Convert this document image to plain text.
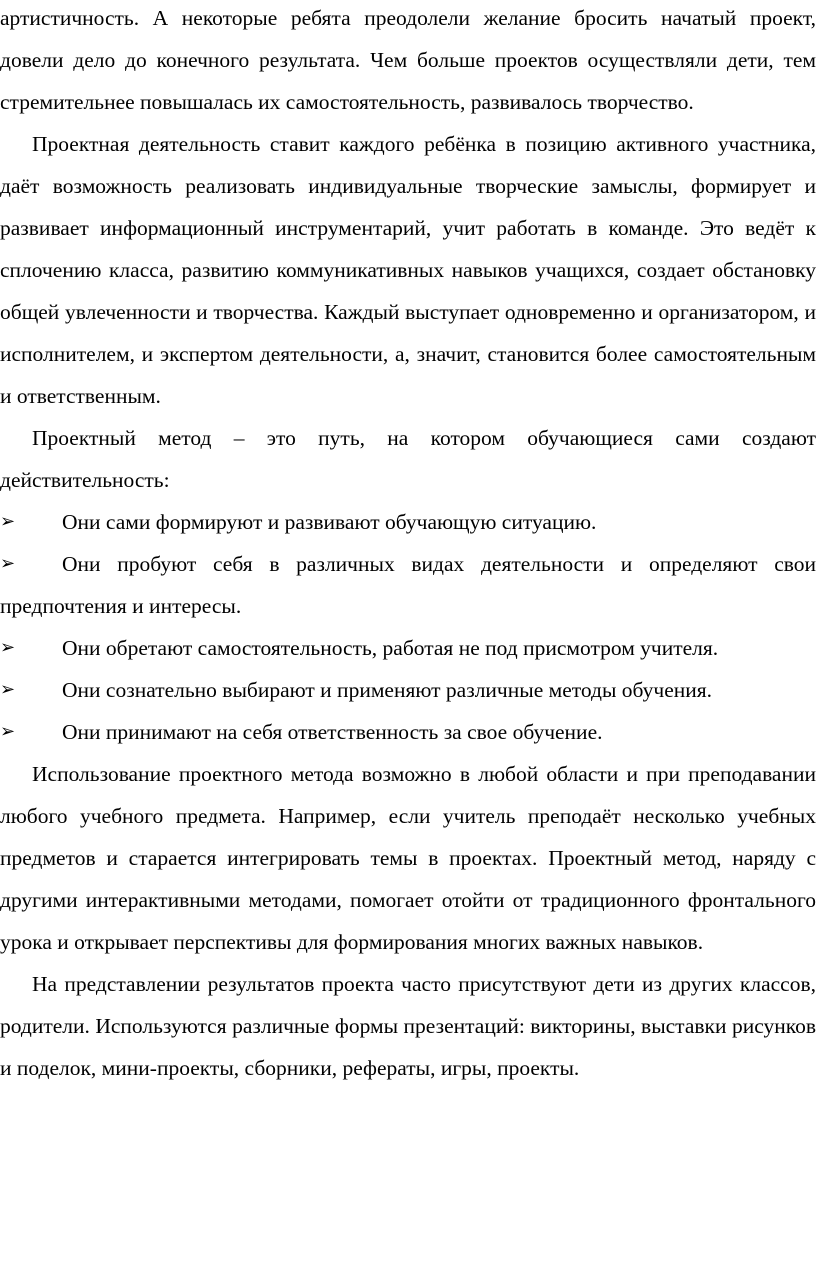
артистичность. А некоторые ребята преодолели желание бросить начатый проект, довели дело до конечного результата. Чем больше проектов осуществляли дети, тем стремительнее повышалась их самостоятельность, развивалось творчество.

Проектная деятельность ставит каждого ребёнка в позицию активного участника, даёт возможность реализовать индивидуальные творческие замыслы, формирует и развивает информационный инструментарий, учит работать в команде. Это ведёт к сплочению класса, развитию коммуникативных навыков учащихся, создает обстановку общей увлеченности и творчества. Каждый выступает одновременно и организатором, и исполнителем, и экспертом деятельности, а, значит, становится более самостоятельным и ответственным.

Проектный метод – это путь, на котором обучающиеся сами создают действительность:

➢ Они сами формируют и развивают обучающую ситуацию.
➢ Они пробуют себя в различных видах деятельности и определяют свои предпочтения и интересы.
➢ Они обретают самостоятельность, работая не под присмотром учителя.
➢ Они сознательно выбирают и применяют различные методы обучения.
➢ Они принимают на себя ответственность за свое обучение.

Использование проектного метода возможно в любой области и при преподавании любого учебного предмета. Например, если учитель преподаёт несколько учебных предметов и старается интегрировать темы в проектах. Проектный метод, наряду с другими интерактивными методами, помогает отойти от традиционного фронтального урока и открывает перспективы для формирования многих важных навыков.

На представлении результатов проекта часто присутствуют дети из других классов, родители. Используются различные формы презентаций: викторины, выставки рисунков и поделок, мини-проекты, сборники, рефераты, игры, проекты.
